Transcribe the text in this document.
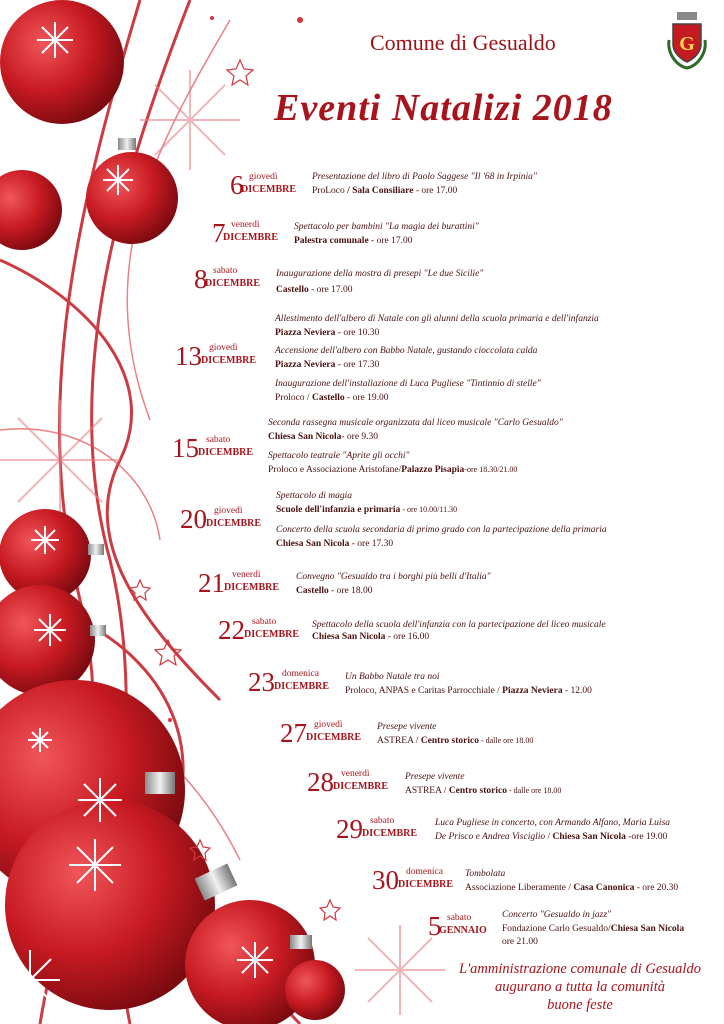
Comune di Gesualdo	G
Eventi Natalizi 2018
6 giovedì
DICEMBRE
Presentazione del libro di Paolo Saggese "Il '68 in Irpinia"
ProLoco / Sala Consiliare - ore 17.00
7 venerdì
DICEMBRE
Spettacolo per bambini "La magia dei burattini"
Palestra comunale - ore 17.00
8 sabato
DICEMBRE
Inaugurazione della mostra di presepi "Le due Sicilie"
Castello - ore 17.00
13 giovedì
DICEMBRE
Allestimento dell'albero di Natale con gli alunni della scuola primaria e dell'infanzia
Piazza Neviera - ore 10.30
Accensione dell'albero con Babbo Natale, gustando cioccolata calda
Piazza Neviera - ore 17.30
Inaugurazione dell'installazione di Luca Pugliese "Tintinnio di stelle"
Proloco / Castello - ore 19.00
15 sabato
DICEMBRE
Seconda rassegna musicale organizzata dal liceo musicale "Carlo Gesualdo"
Chiesa San Nicola- ore 9.30
Spettacolo teatrale "Aprite gli occhi"
Proloco e Associazione Aristofane/Palazzo Pisapia-ore 18.30/21.00
20 giovedì
DICEMBRE
Spettacolo di magia
Scuole dell'infanzia e primaria - ore 10.00/11.30
Concerto della scuola secondaria di primo grado con la partecipazione della primaria
Chiesa San Nicola - ore 17.30
21 venerdì
DICEMBRE
Convegno "Gesualdo tra i borghi più belli d'Italia"
Castello - ore 18.00
22 sabato
DICEMBRE
Spettacolo della scuola dell'infanzia con la partecipazione del liceo musicale
Chiesa San Nicola - ore 16.00
23 domenica
DICEMBRE
Un Babbo Natale tra noi
Proloco, ANPAS e Caritas Parrocchiale / Piazza Neviera - 12.00
27 giovedì
DICEMBRE
Presepe vivente
ASTREA / Centro storico - dalle ore 18.00
28 venerdì
DICEMBRE
Presepe vivente
ASTREA / Centro storico - dalle ore 18.00
29 sabato
DICEMBRE
Luca Pugliese in concerto, con Armando Alfano, Maria Luisa
De Prisco e Andrea Visciglio / Chiesa San Nicola -ore 19.00
30 domenica
DICEMBRE
Tombolata
Associazione Liberamente / Casa Canonica - ore 20.30
5 sabato
GENNAIO
Concerto "Gesualdo in jazz"
Fondazione Carlo Gesualdo/Chiesa San Nicola
ore 21.00
L'amministrazione comunale di Gesualdo
augurano a tutta la comunità
buone feste
